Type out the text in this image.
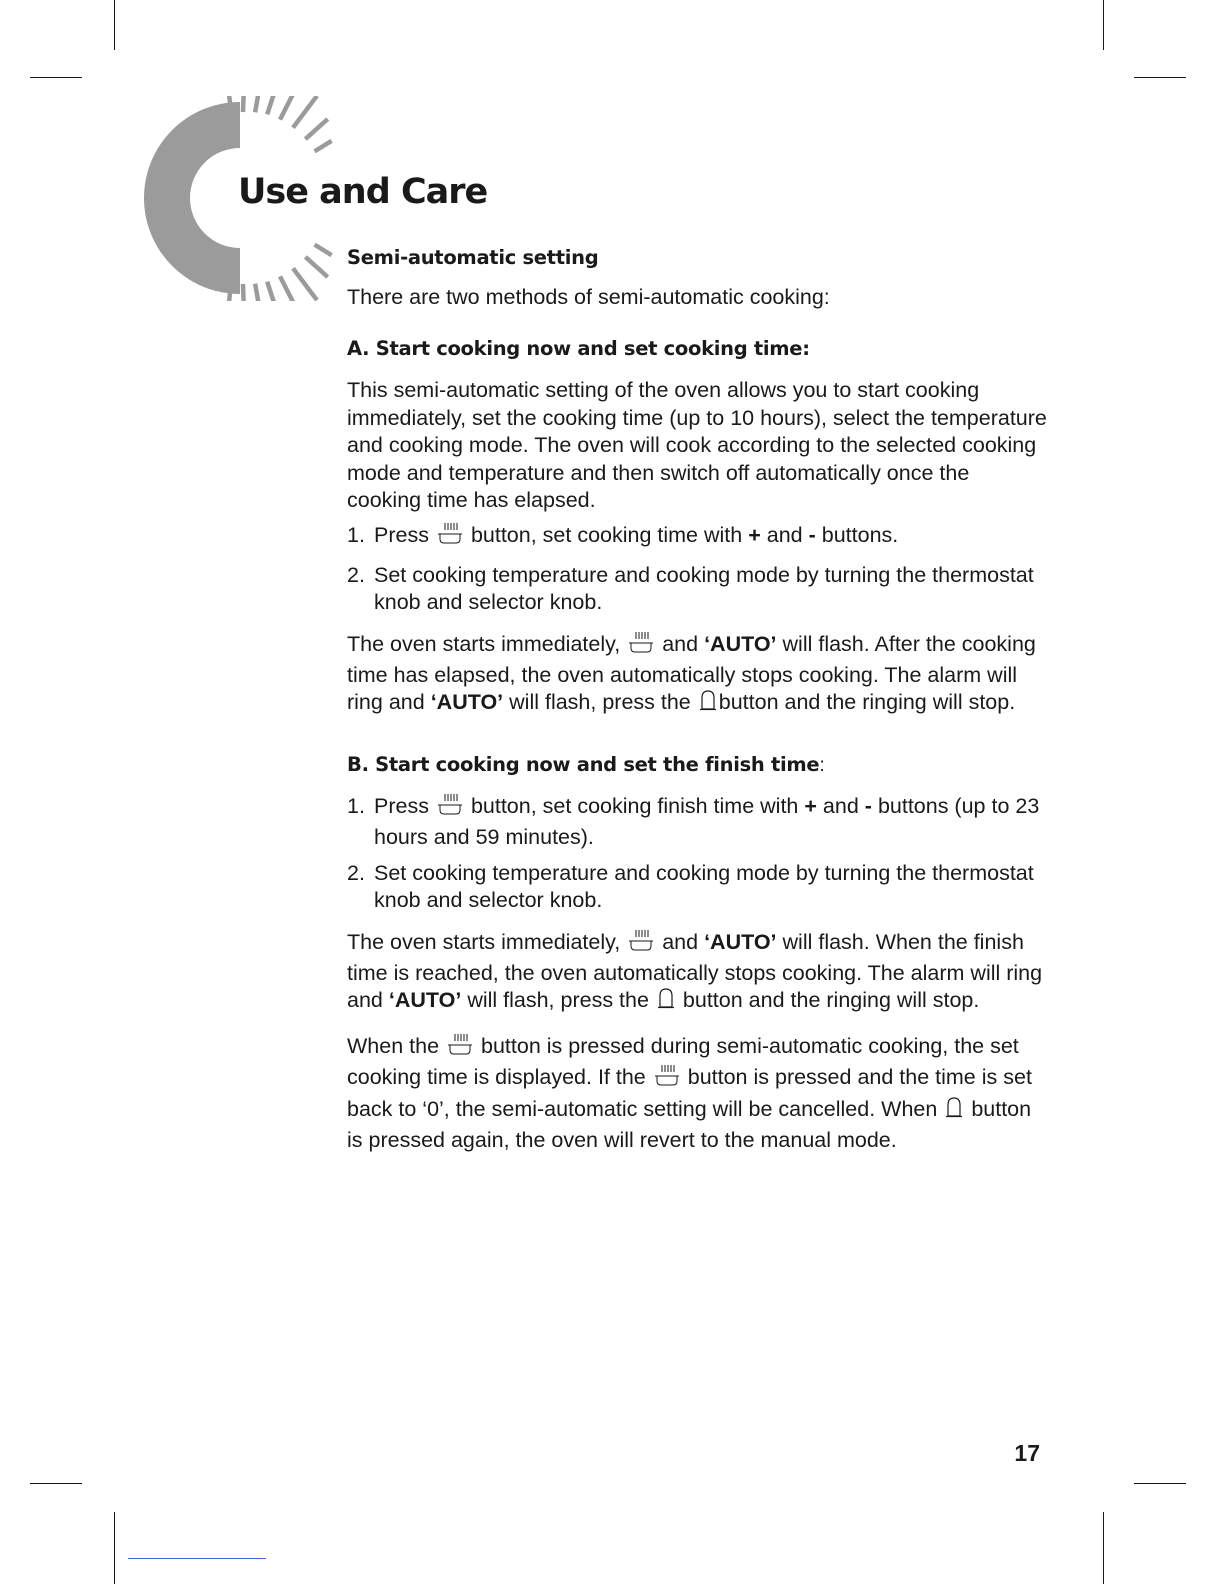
Use and Care
Semi-automatic setting

There are two methods of semi-automatic cooking:

A. Start cooking now and set cooking time:

This semi-automatic setting of the oven allows you to start cooking immediately, set the cooking time (up to 10 hours), select the temperature and cooking mode. The oven will cook according to the selected cooking mode and temperature and then switch off automatically once the cooking time has elapsed.

1. Press button, set cooking time with + and - buttons.
2. Set cooking temperature and cooking mode by turning the thermostat knob and selector knob.

The oven starts immediately, and ‘AUTO’ will flash. After the cooking time has elapsed, the oven automatically stops cooking. The alarm will ring and ‘AUTO’ will flash, press the button and the ringing will stop.

B. Start cooking now and set the finish time:
1. Press button, set cooking finish time with + and - buttons (up to 23 hours and 59 minutes).
2. Set cooking temperature and cooking mode by turning the thermostat knob and selector knob.

The oven starts immediately, and ‘AUTO’ will flash. When the finish time is reached, the oven automatically stops cooking. The alarm will ring and ‘AUTO’ will flash, press the button and the ringing will stop.

When the button is pressed during semi-automatic cooking, the set cooking time is displayed. If the button is pressed and the time is set back to ‘0’, the semi-automatic setting will be cancelled. When button is pressed again, the oven will revert to the manual mode.

17
